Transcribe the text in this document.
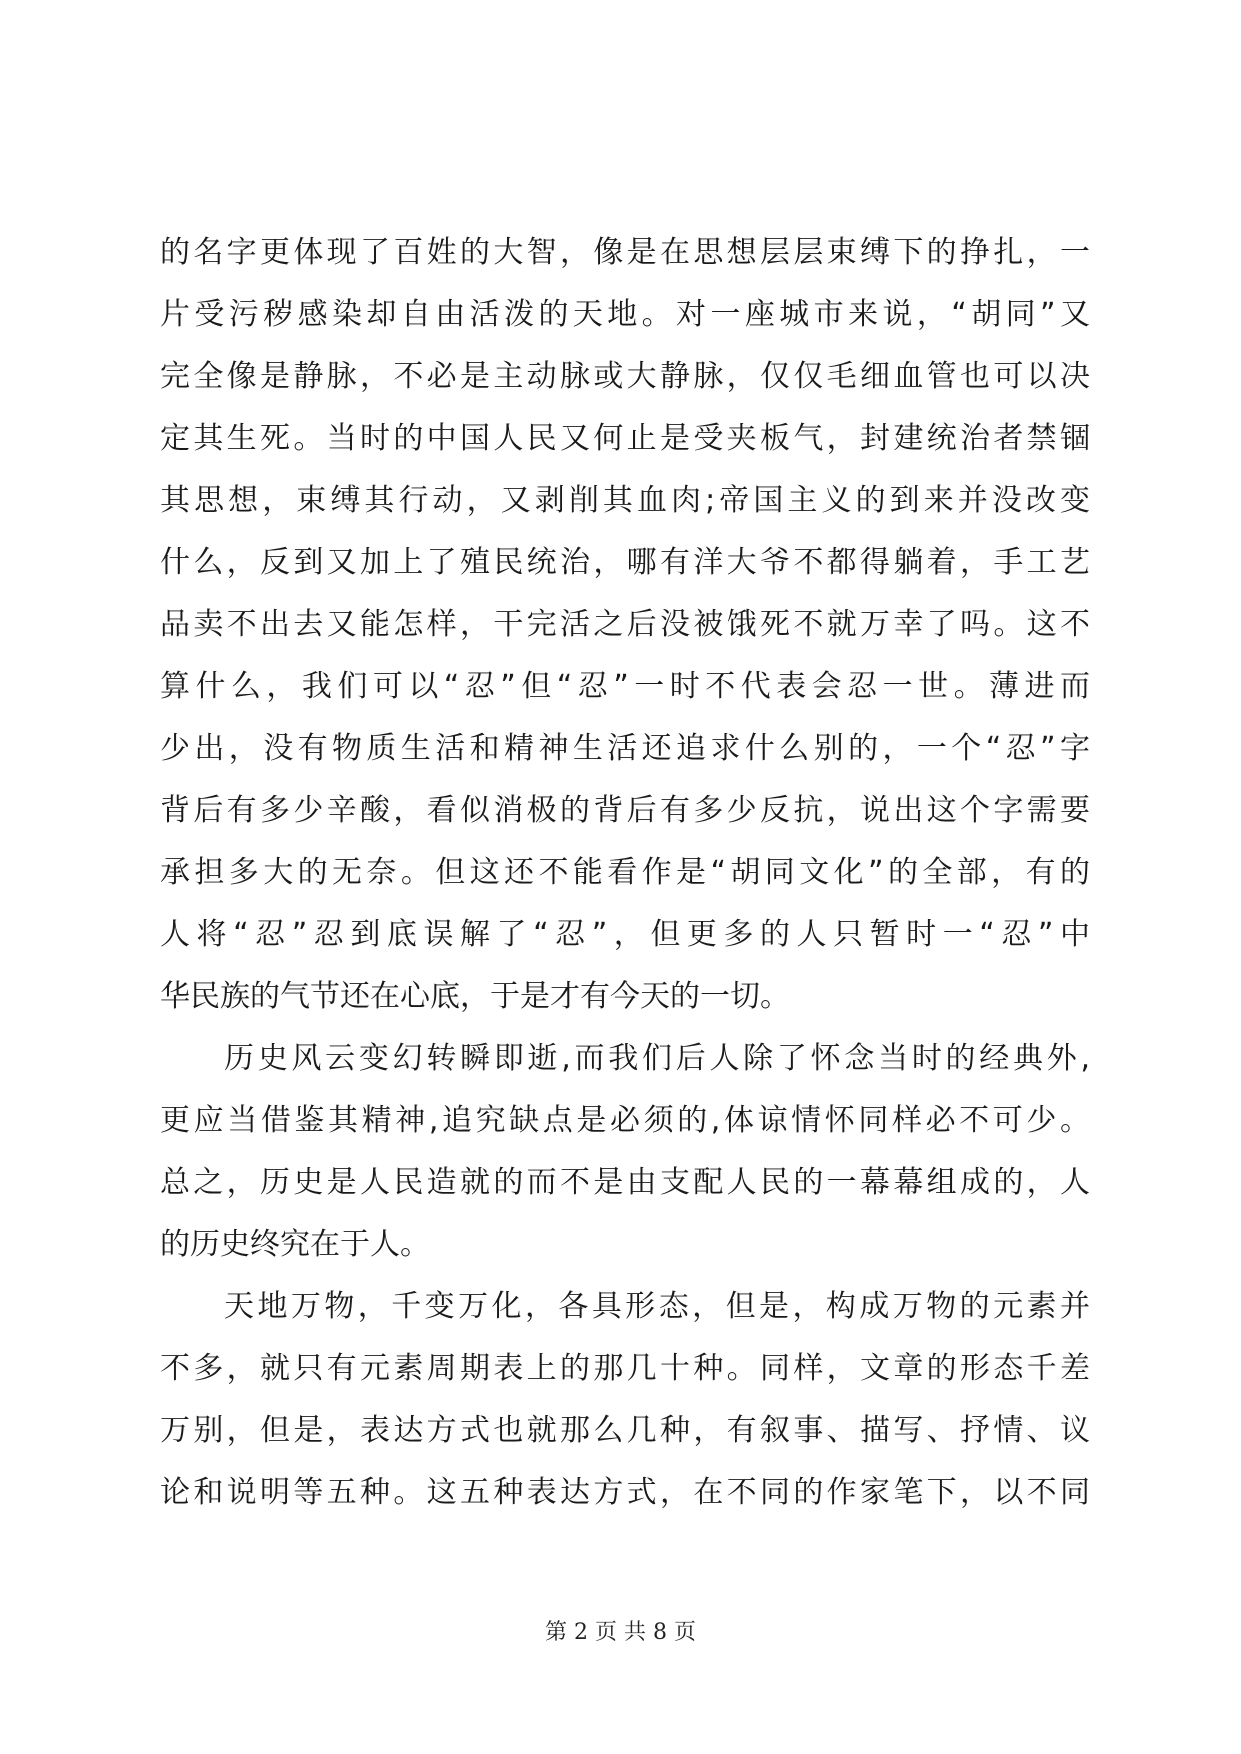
的名字更体现了百姓的大智，像是在思想层层束缚下的挣扎，一
片受污秽感染却自由活泼的天地。对一座城市来说，“胡同”又
完全像是静脉，不必是主动脉或大静脉，仅仅毛细血管也可以决
定其生死。当时的中国人民又何止是受夹板气，封建统治者禁锢
其思想，束缚其行动，又剥削其血肉;帝国主义的到来并没改变
什么，反到又加上了殖民统治，哪有洋大爷不都得躺着，手工艺
品卖不出去又能怎样，干完活之后没被饿死不就万幸了吗。这不
算什么，我们可以“忍”但“忍”一时不代表会忍一世。薄进而
少出，没有物质生活和精神生活还追求什么别的，一个“忍”字
背后有多少辛酸，看似消极的背后有多少反抗，说出这个字需要
承担多大的无奈。但这还不能看作是“胡同文化”的全部，有的
人将“忍”忍到底误解了“忍”，但更多的人只暂时一“忍”中
华民族的气节还在心底，于是才有今天的一切。
历史风云变幻转瞬即逝,而我们后人除了怀念当时的经典外,
更应当借鉴其精神,追究缺点是必须的,体谅情怀同样必不可少。
总之，历史是人民造就的而不是由支配人民的一幕幕组成的，人
的历史终究在于人。
天地万物，千变万化，各具形态，但是，构成万物的元素并
不多，就只有元素周期表上的那几十种。同样，文章的形态千差
万别，但是，表达方式也就那么几种，有叙事、描写、抒情、议
论和说明等五种。这五种表达方式，在不同的作家笔下，以不同
第 2 页 共 8 页
